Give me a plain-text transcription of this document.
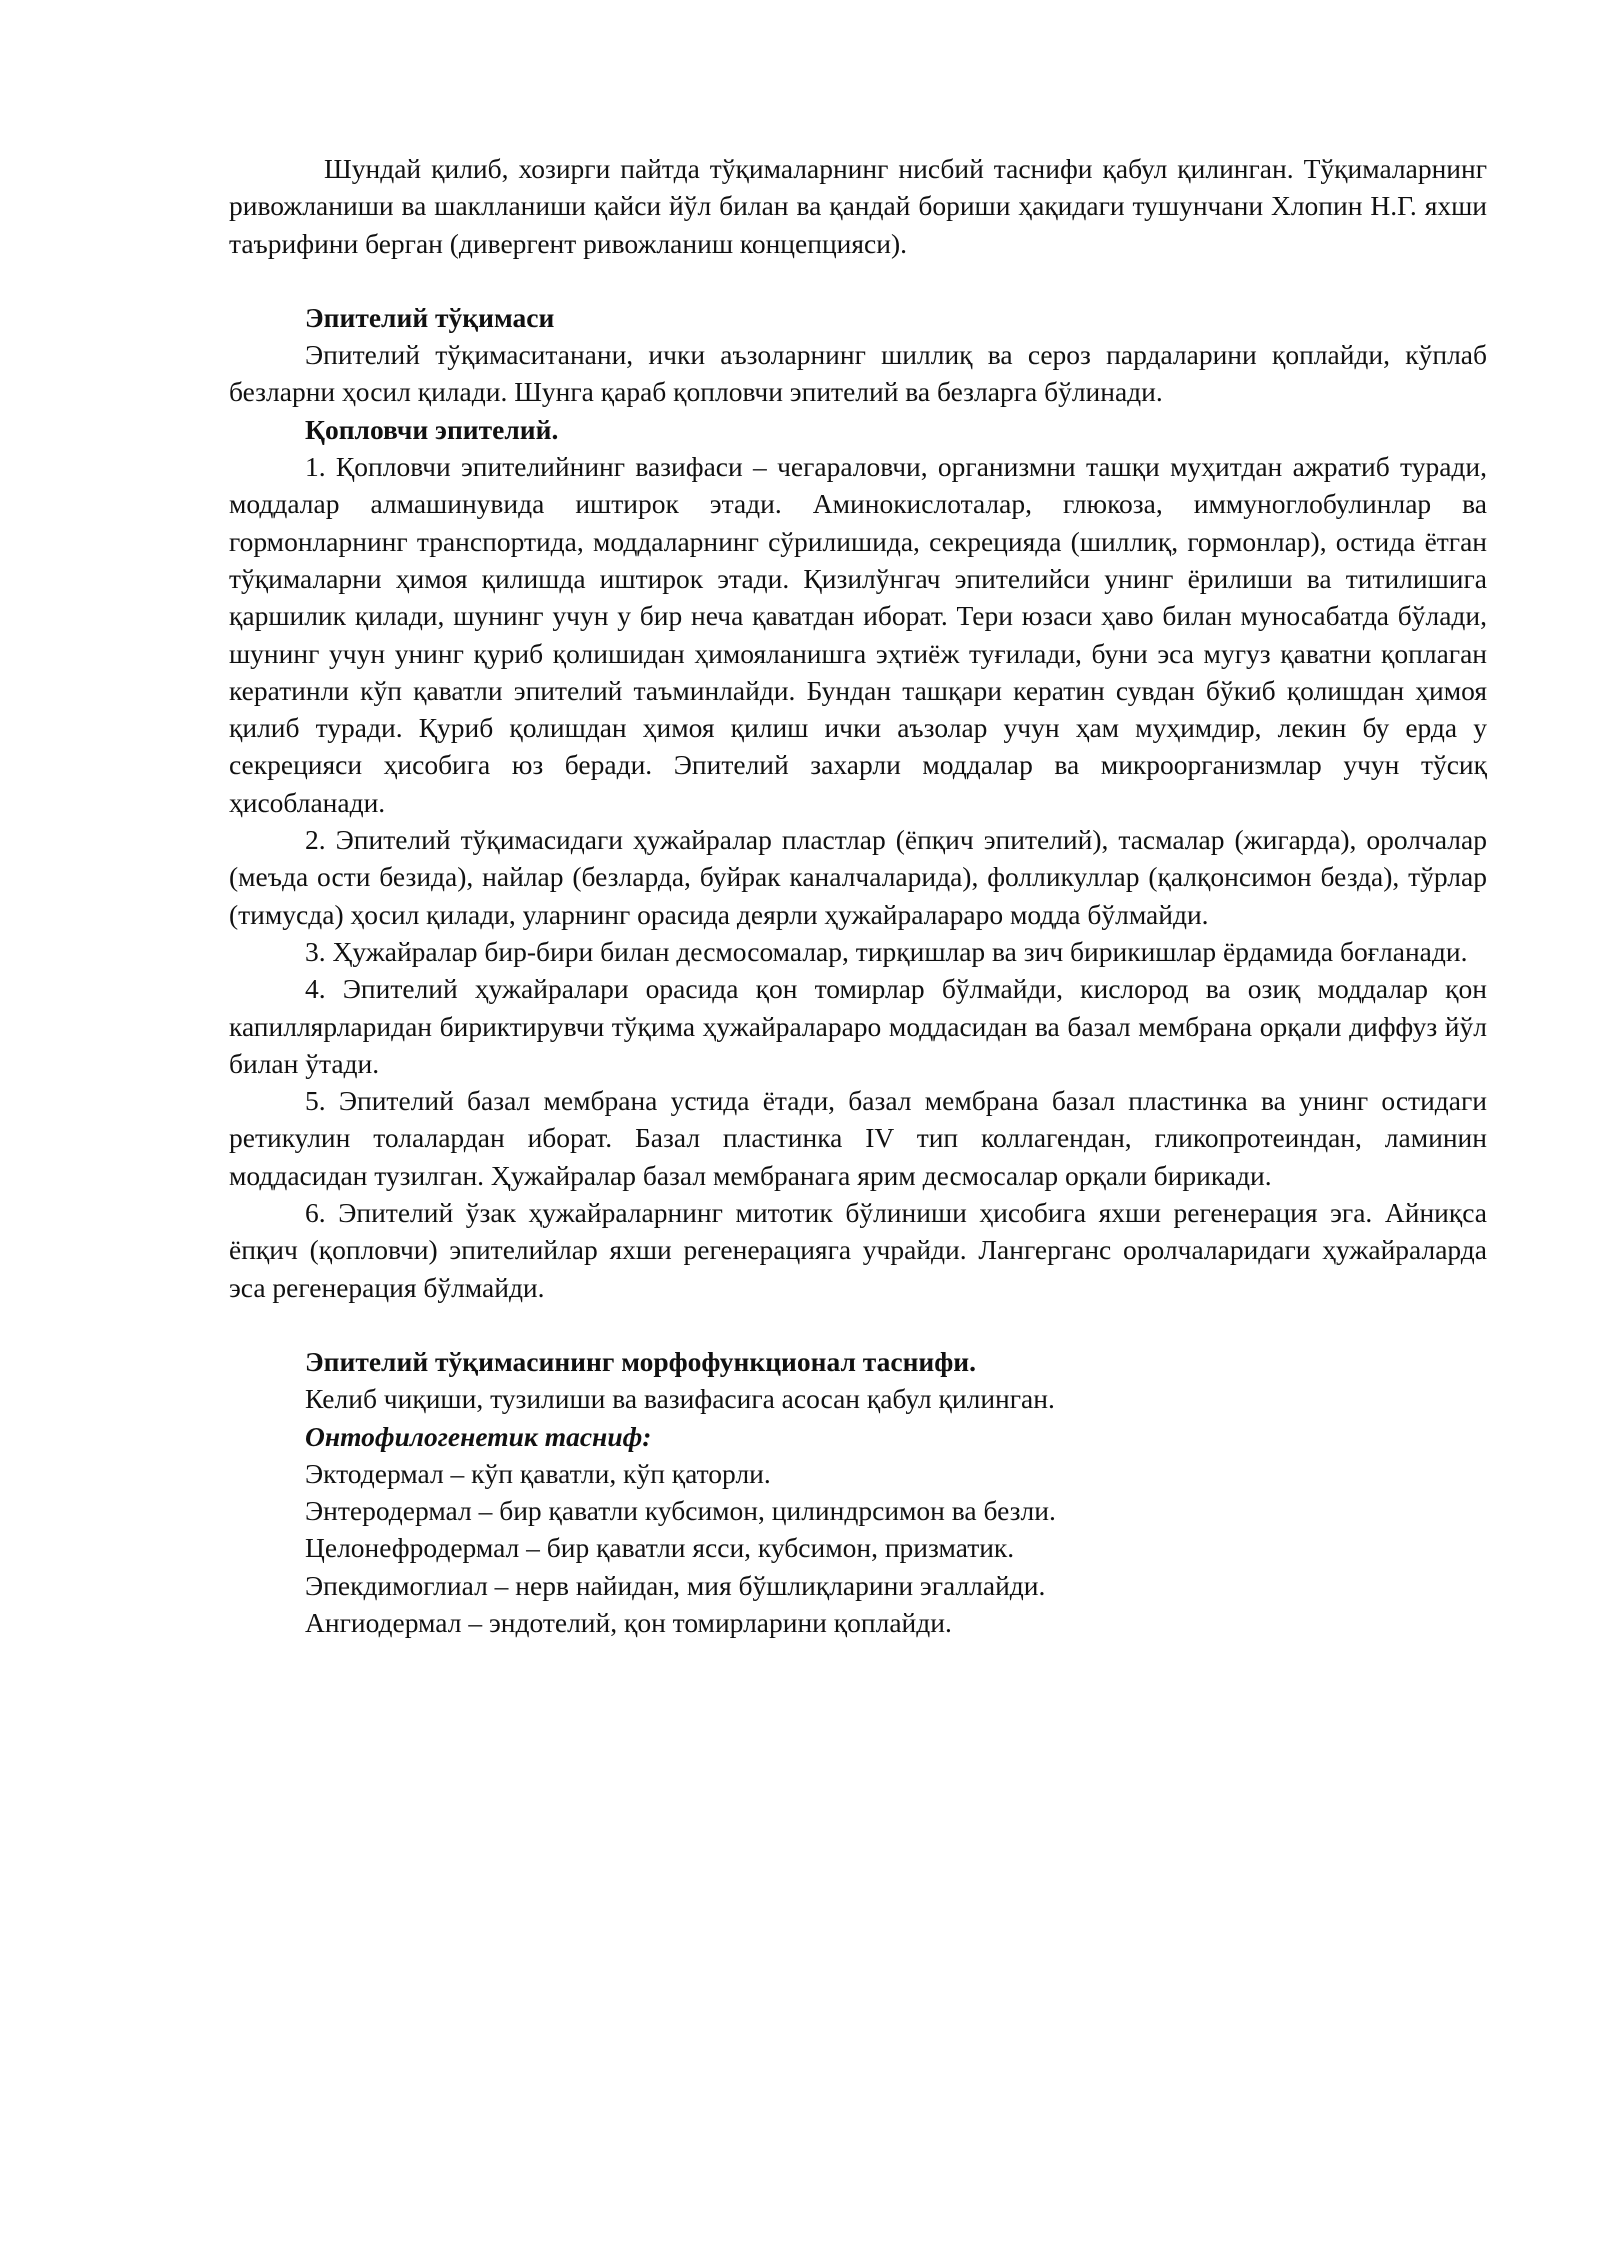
Шундай қилиб, хозирги пайтда тўқималарнинг нисбий таснифи қабул қилинган. Тўқималарнинг ривожланиши ва шаклланиши қайси йўл билан ва қандай бориши ҳақидаги тушунчани Хлопин Н.Г. яхши таърифини берган (дивергент ривожланиш концепцияси).

Эпителий тўқимаси

Эпителий тўқимаситанани, ички аъзоларнинг шиллиқ ва сероз пардаларини қоплайди, кўплаб безларни ҳосил қилади. Шунга қараб қопловчи эпителий ва безларга бўлинади.

Қопловчи эпителий.

1. Қопловчи эпителийнинг вазифаси – чегараловчи, организмни ташқи муҳитдан ажратиб туради, моддалар алмашинувида иштирок этади. Аминокислоталар, глюкоза, иммуноглобулинлар ва гормонларнинг транспортида, моддаларнинг сўрилишида, секрецияда (шиллиқ, гормонлар), остида ётган тўқималарни ҳимоя қилишда иштирок этади. Қизилўнгач эпителийси унинг ёрилиши ва титилишига қаршилик қилади, шунинг учун у бир неча қаватдан иборат. Тери юзаси ҳаво билан муносабатда бўлади, шунинг учун унинг қуриб қолишидан ҳимояланишга эҳтиёж туғилади, буни эса мугуз қаватни қоплаган кератинли кўп қаватли эпителий таъминлайди. Бундан ташқари кератин сувдан бўкиб қолишдан ҳимоя қилиб туради. Қуриб қолишдан ҳимоя қилиш ички аъзолар учун ҳам муҳимдир, лекин бу ерда у секрецияси ҳисобига юз беради. Эпителий захарли моддалар ва микроорганизмлар учун тўсиқ ҳисобланади.

2. Эпителий тўқимасидаги ҳужайралар пластлар (ёпқич эпителий), тасмалар (жигарда), оролчалар (меъда ости безида), найлар (безларда, буйрак каналчаларида), фолликуллар (қалқонсимон безда), тўрлар (тимусда) ҳосил қилади, уларнинг орасида деярли ҳужайралараро модда бўлмайди.

3. Ҳужайралар бир-бири билан десмосомалар, тирқишлар ва зич бирикишлар ёрдамида боғланади.

4. Эпителий ҳужайралари орасида қон томирлар бўлмайди, кислород ва озиқ моддалар қон капиллярларидан бириктирувчи тўқима ҳужайралараро моддасидан ва базал мембрана орқали диффуз йўл билан ўтади.

5. Эпителий базал мембрана устида ётади, базал мембрана базал пластинка ва унинг остидаги ретикулин толалардан иборат. Базал пластинка IV тип коллагендан, гликопротеиндан, ламинин моддасидан тузилган. Ҳужайралар базал мембранага ярим десмосалар орқали бирикади.

6. Эпителий ўзак ҳужайраларнинг митотик бўлиниши ҳисобига яхши регенерация эга. Айниқса ёпқич (қопловчи) эпителийлар яхши регенерацияга учрайди. Лангерганс оролчаларидаги ҳужайраларда эса регенерация бўлмайди.

Эпителий тўқимасининг морфофункционал таснифи.

Келиб чиқиши, тузилиши ва вазифасига асосан қабул қилинган.

Онтофилогенетик тасниф:

Эктодермал – кўп қаватли, кўп қаторли.

Энтеродермал – бир қаватли кубсимон, цилиндрсимон ва безли.

Целонефродермал – бир қаватли ясси, кубсимон, призматик.

Эпекдимоглиал – нерв найидан, мия бўшлиқларини эгаллайди.

Ангиодермал – эндотелий, қон томирларини қоплайди.
